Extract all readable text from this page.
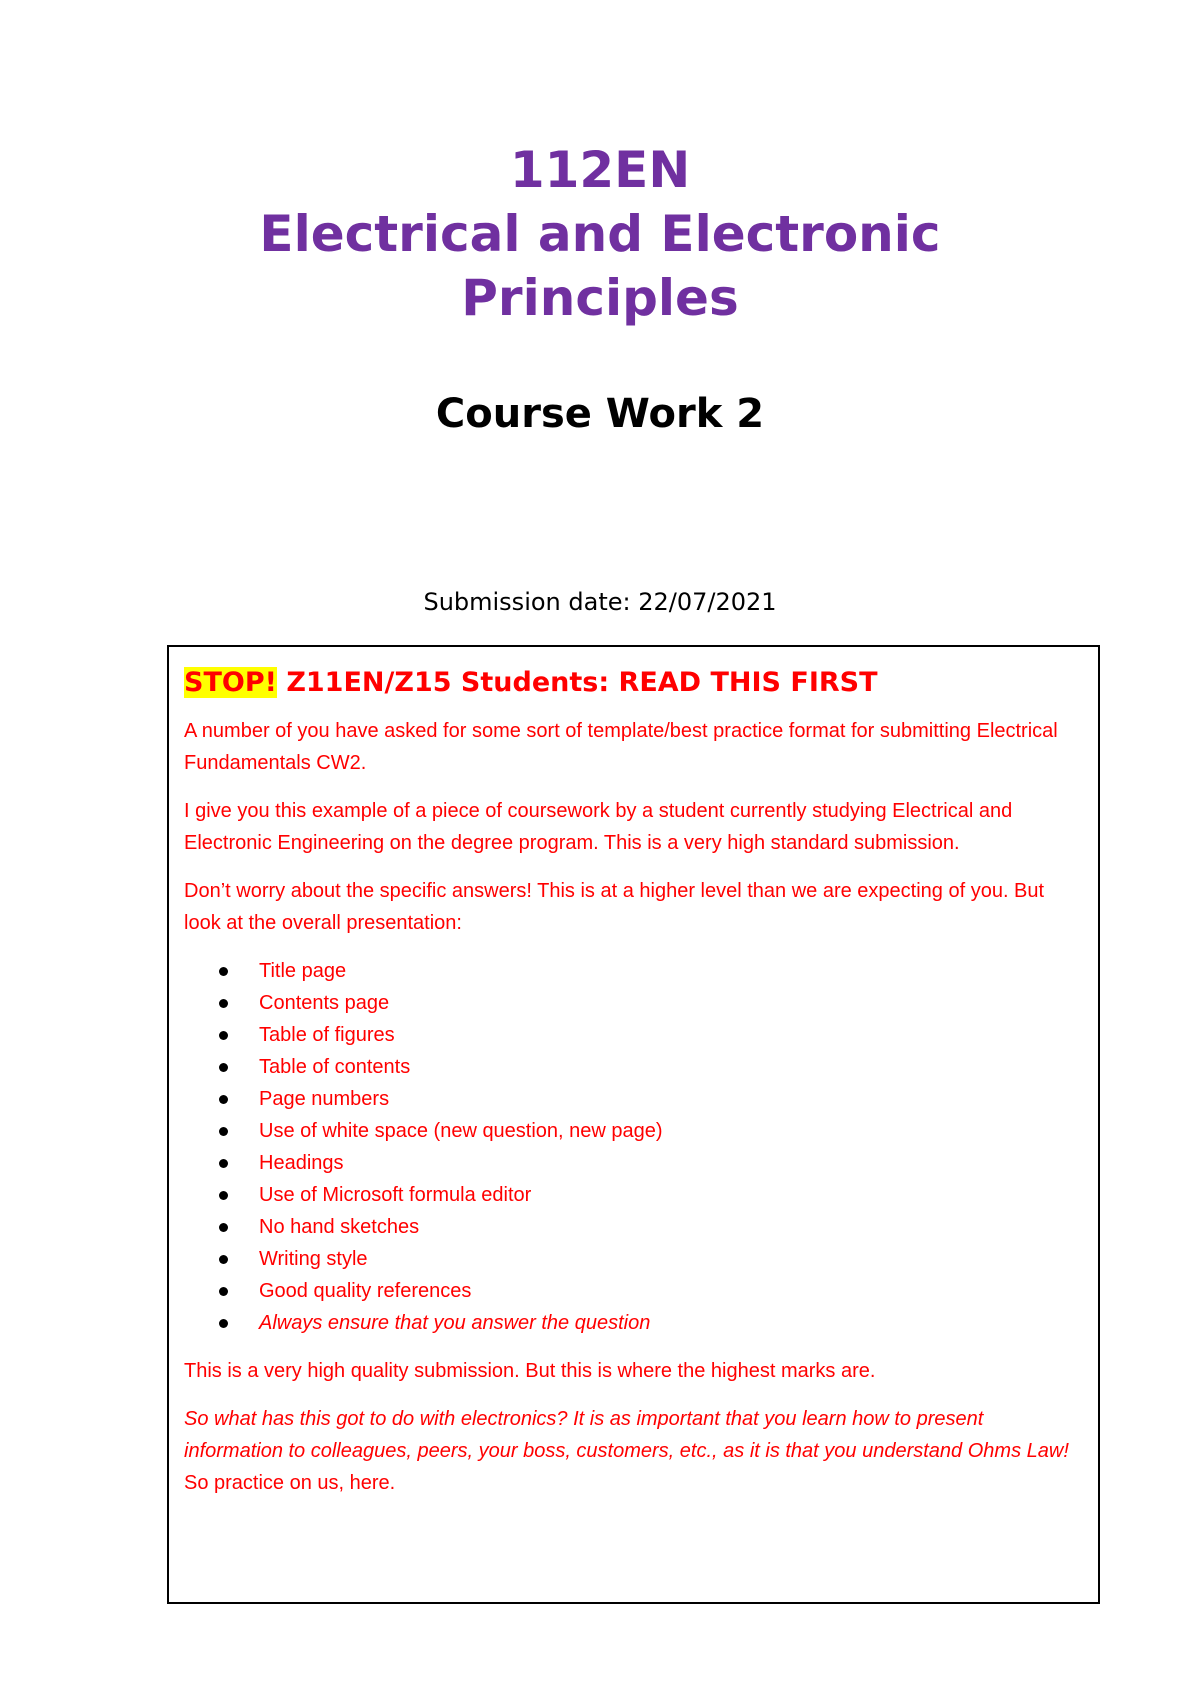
112EN
Electrical and Electronic
Principles
Course Work 2
Submission date: 22/07/2021
STOP! Z11EN/Z15 Students: READ THIS FIRST

A number of you have asked for some sort of template/best practice format for submitting Electrical Fundamentals CW2.

I give you this example of a piece of coursework by a student currently studying Electrical and Electronic Engineering on the degree program. This is a very high standard submission.

Don’t worry about the specific answers! This is at a higher level than we are expecting of you. But look at the overall presentation:

Title page
Contents page
Table of figures
Table of contents
Page numbers
Use of white space (new question, new page)
Headings
Use of Microsoft formula editor
No hand sketches
Writing style
Good quality references
Always ensure that you answer the question

This is a very high quality submission. But this is where the highest marks are.

So what has this got to do with electronics? It is as important that you learn how to present information to colleagues, peers, your boss, customers, etc., as it is that you understand Ohms Law! So practice on us, here.
